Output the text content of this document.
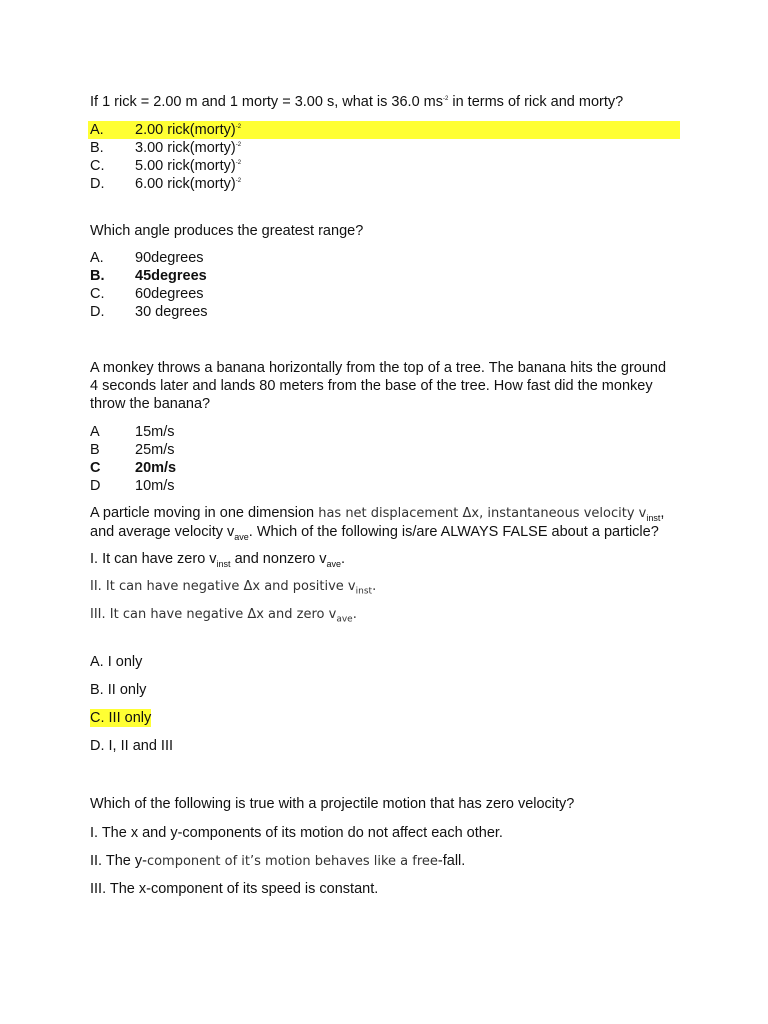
If 1 rick = 2.00 m and 1 morty = 3.00 s, what is 36.0 $ms^{-2}$ in terms of rick and morty?
A. 2.00 rick(morty)$^{-2}$
B. 3.00 rick(morty)$^{-2}$
C. 5.00 rick(morty)$^{-2}$
D. 6.00 rick(morty)$^{-2}$
Which angle produces the greatest range?
A. 90degrees
B. 45degrees
C. 60degrees
D. 30 degrees
A monkey throws a banana horizontally from the top of a tree. The banana hits the ground
4 seconds later and lands 80 meters from the base of the tree. How fast did the monkey
throw the banana?
A 15m/s
B 25m/s
C 20m/s
D 10m/s
A particle moving in one dimension has net displacement Δx, instantaneous velocity $v_{inst}$,
and average velocity $v_{ave}$. Which of the following is/are ALWAYS FALSE about a particle?
I. It can have zero $v_{inst}$ and nonzero $v_{ave}$.
II. It can have negative Δx and positive $v_{inst}$.
III. It can have negative Δx and zero $v_{ave}$.
A. I only
B. II only
C. III only
D. I, II and III
Which of the following is true with a projectile motion that has zero velocity?
I. The x and y-components of its motion do not affect each other.
II. The y-component of it’s motion behaves like a free-fall.
III. The x-component of its speed is constant.
